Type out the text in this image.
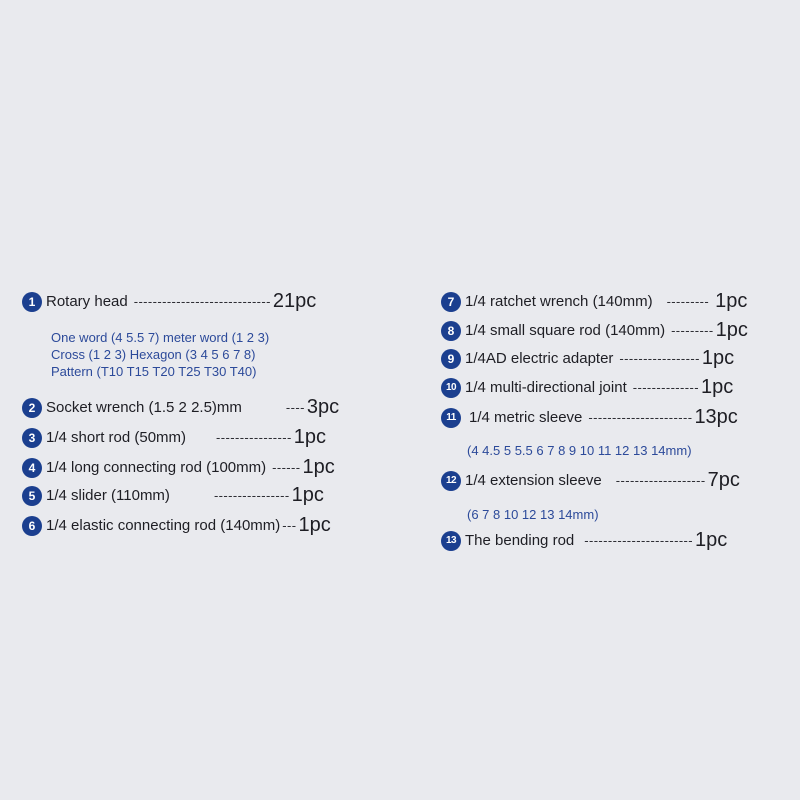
1 Rotary head ----------------------------- 21pc
One word (4 5.5 7) meter word (1 2 3)
Cross (1 2 3) Hexagon (3 4 5 6 7 8)
Pattern (T10 T15 T20 T25 T30 T40)
2 Socket wrench (1.5 2 2.5)mm	---- 3pc
3 1/4 short rod (50mm) ---------------- 1pc
4 1/4 long connecting rod (100mm) ------ 1pc
5 1/4 slider (110mm)	---------------- 1pc
6 1/4 elastic connecting rod (140mm) --- 1pc
7 1/4 ratchet wrench (140mm) --------- 1pc
8 1/4 small square rod (140mm) --------- 1pc
9 1/4AD electric adapter ----------------- 1pc
10 1/4 multi-directional joint -------------- 1pc
11 1/4 metric sleeve ---------------------- 13pc
(4 4.5 5 5.5 6 7 8 9 10 11 12 13 14mm)
12 1/4 extension sleeve ------------------- 7pc
(6 7 8 10 12 13 14mm)
13 The bending rod ----------------------- 1pc
